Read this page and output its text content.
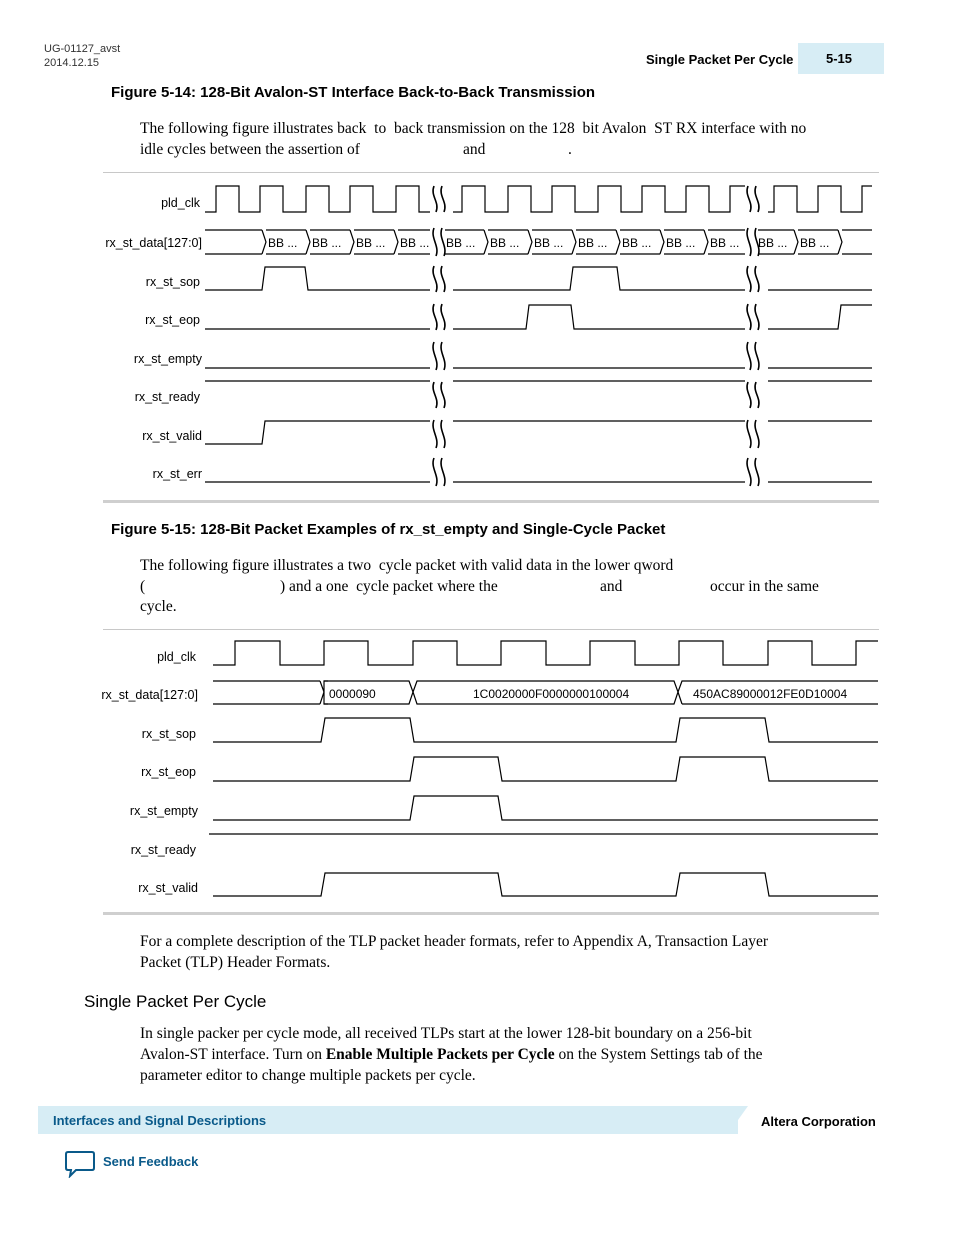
UG-01127_avst
2014.12.15	Single Packet Per Cycle	5-15
Figure 5-14: 128-Bit Avalon-ST Interface Back-to-Back Transmission
The following figure illustrates back  to  back transmission on the 128  bit Avalon  ST RX interface with no
idle cycles between the assertion of	and	.
pld_clk
rx_st_data[127:0]
rx_st_sop
rx_st_eop
rx_st_empty
rx_st_ready
rx_st_valid
rx_st_err
BB ... BB ... BB ... BB ... BB ... BB ... BB ... BB ... BB ... BB ... BB ... BB ... BB ...
Figure 5-15: 128-Bit Packet Examples of rx_st_empty and Single-Cycle Packet
The following figure illustrates a two  cycle packet with valid data in the lower qword
(	) and a one  cycle packet where the	and	occur in the same
cycle.
pld_clk
rx_st_data[127:0]
rx_st_sop
rx_st_eop
rx_st_empty
rx_st_ready
rx_st_valid
0000090	1C0020000F0000000100004	450AC89000012FE0D10004
For a complete description of the TLP packet header formats, refer to Appendix A, Transaction Layer
Packet (TLP) Header Formats.
Single Packet Per Cycle
In single packer per cycle mode, all received TLPs start at the lower 128-bit boundary on a 256-bit
Avalon-ST interface. Turn on Enable Multiple Packets per Cycle on the System Settings tab of the
parameter editor to change multiple packets per cycle.
Interfaces and Signal Descriptions	Altera Corporation
Send Feedback
